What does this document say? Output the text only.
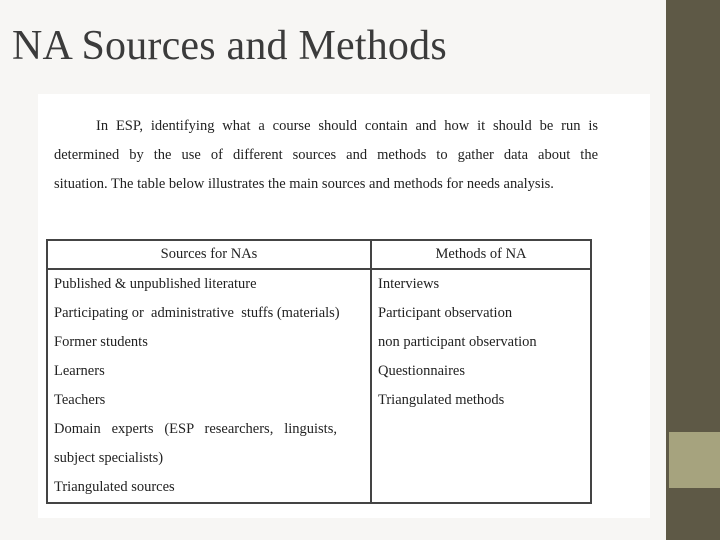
NA Sources and Methods
In ESP, identifying what a course should contain and how it should be run is
determined by the use of different sources and methods to gather data about the
situation. The table below illustrates the main sources and methods for needs analysis.
Sources for NAs	Methods of NA
Published & unpublished literature	Interviews
Participating or  administrative  stuffs (materials)	Participant observation
Former students	non participant observation
Learners	Questionnaires
Teachers	Triangulated methods
Domain   experts   (ESP   researchers,   linguists,	
subject specialists)	
Triangulated sources	
